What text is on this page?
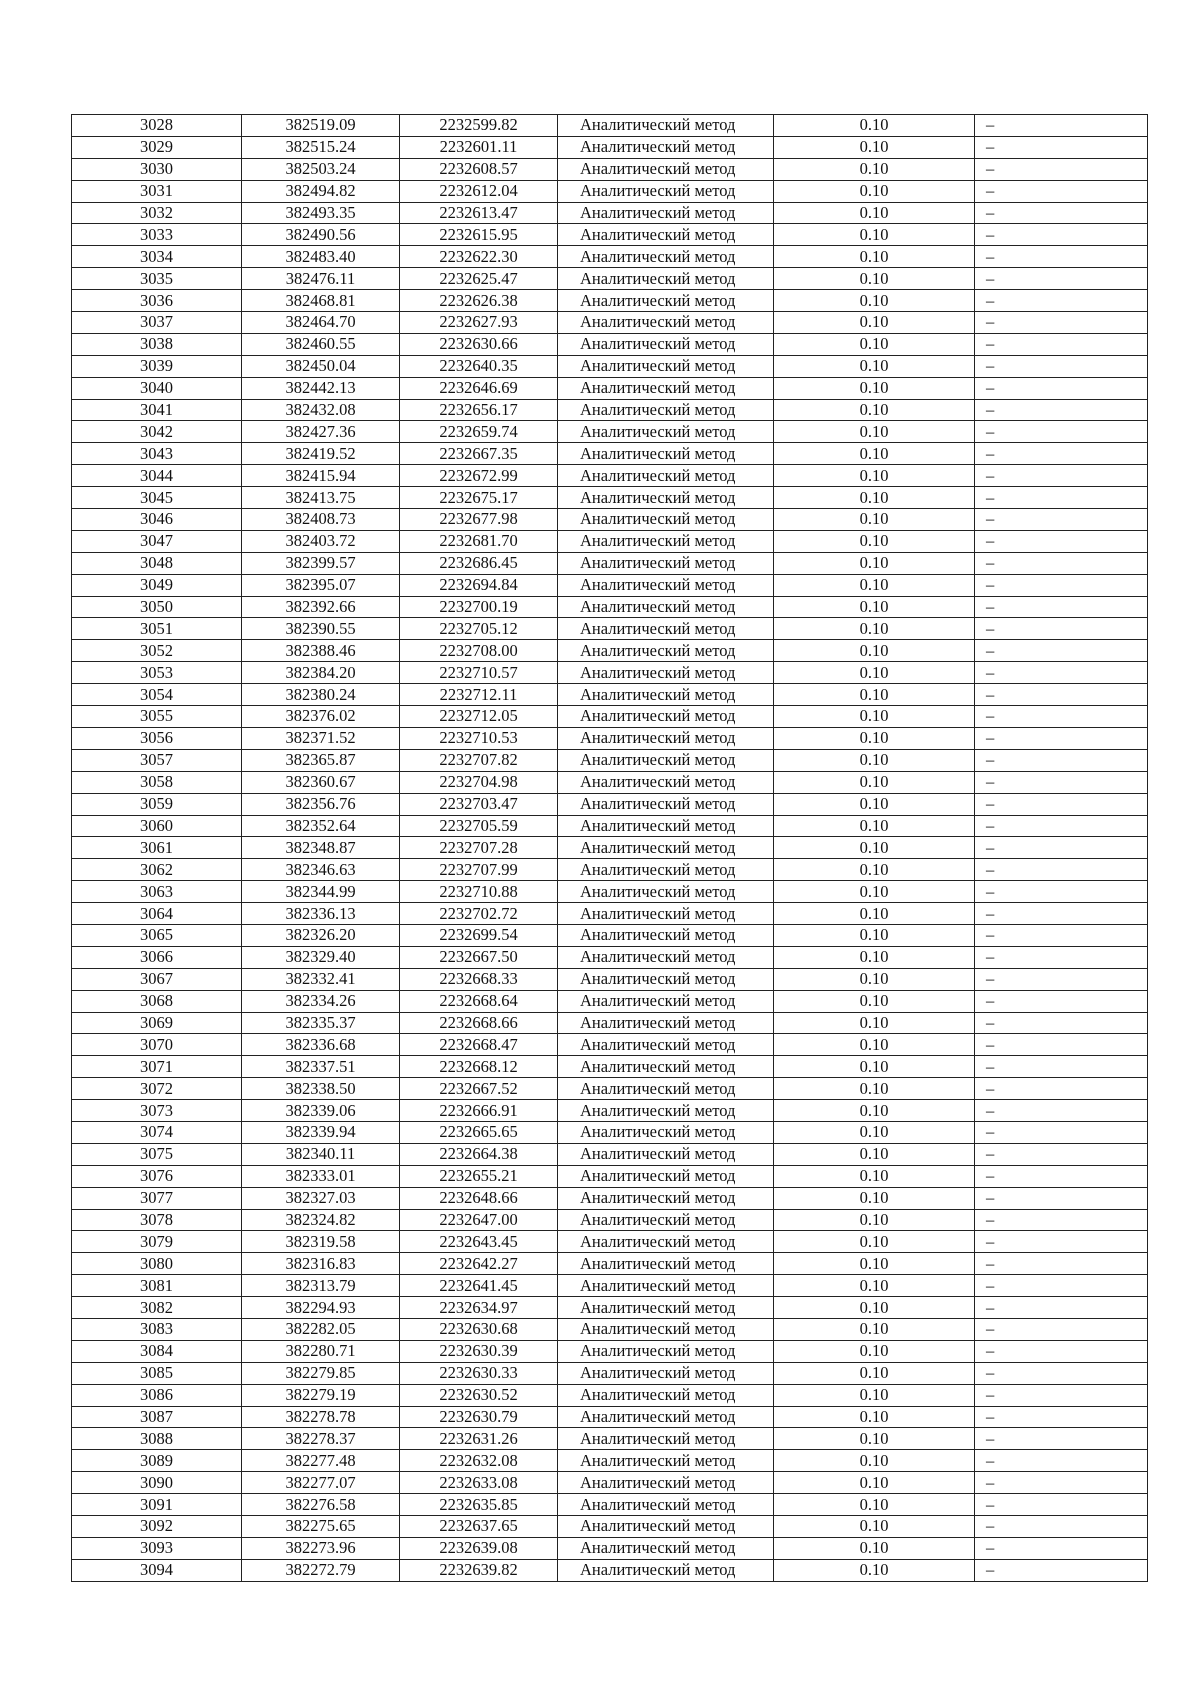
3028	382519.09	2232599.82	Аналитический метод	0.10	–
3029	382515.24	2232601.11	Аналитический метод	0.10	–
3030	382503.24	2232608.57	Аналитический метод	0.10	–
3031	382494.82	2232612.04	Аналитический метод	0.10	–
3032	382493.35	2232613.47	Аналитический метод	0.10	–
3033	382490.56	2232615.95	Аналитический метод	0.10	–
3034	382483.40	2232622.30	Аналитический метод	0.10	–
3035	382476.11	2232625.47	Аналитический метод	0.10	–
3036	382468.81	2232626.38	Аналитический метод	0.10	–
3037	382464.70	2232627.93	Аналитический метод	0.10	–
3038	382460.55	2232630.66	Аналитический метод	0.10	–
3039	382450.04	2232640.35	Аналитический метод	0.10	–
3040	382442.13	2232646.69	Аналитический метод	0.10	–
3041	382432.08	2232656.17	Аналитический метод	0.10	–
3042	382427.36	2232659.74	Аналитический метод	0.10	–
3043	382419.52	2232667.35	Аналитический метод	0.10	–
3044	382415.94	2232672.99	Аналитический метод	0.10	–
3045	382413.75	2232675.17	Аналитический метод	0.10	–
3046	382408.73	2232677.98	Аналитический метод	0.10	–
3047	382403.72	2232681.70	Аналитический метод	0.10	–
3048	382399.57	2232686.45	Аналитический метод	0.10	–
3049	382395.07	2232694.84	Аналитический метод	0.10	–
3050	382392.66	2232700.19	Аналитический метод	0.10	–
3051	382390.55	2232705.12	Аналитический метод	0.10	–
3052	382388.46	2232708.00	Аналитический метод	0.10	–
3053	382384.20	2232710.57	Аналитический метод	0.10	–
3054	382380.24	2232712.11	Аналитический метод	0.10	–
3055	382376.02	2232712.05	Аналитический метод	0.10	–
3056	382371.52	2232710.53	Аналитический метод	0.10	–
3057	382365.87	2232707.82	Аналитический метод	0.10	–
3058	382360.67	2232704.98	Аналитический метод	0.10	–
3059	382356.76	2232703.47	Аналитический метод	0.10	–
3060	382352.64	2232705.59	Аналитический метод	0.10	–
3061	382348.87	2232707.28	Аналитический метод	0.10	–
3062	382346.63	2232707.99	Аналитический метод	0.10	–
3063	382344.99	2232710.88	Аналитический метод	0.10	–
3064	382336.13	2232702.72	Аналитический метод	0.10	–
3065	382326.20	2232699.54	Аналитический метод	0.10	–
3066	382329.40	2232667.50	Аналитический метод	0.10	–
3067	382332.41	2232668.33	Аналитический метод	0.10	–
3068	382334.26	2232668.64	Аналитический метод	0.10	–
3069	382335.37	2232668.66	Аналитический метод	0.10	–
3070	382336.68	2232668.47	Аналитический метод	0.10	–
3071	382337.51	2232668.12	Аналитический метод	0.10	–
3072	382338.50	2232667.52	Аналитический метод	0.10	–
3073	382339.06	2232666.91	Аналитический метод	0.10	–
3074	382339.94	2232665.65	Аналитический метод	0.10	–
3075	382340.11	2232664.38	Аналитический метод	0.10	–
3076	382333.01	2232655.21	Аналитический метод	0.10	–
3077	382327.03	2232648.66	Аналитический метод	0.10	–
3078	382324.82	2232647.00	Аналитический метод	0.10	–
3079	382319.58	2232643.45	Аналитический метод	0.10	–
3080	382316.83	2232642.27	Аналитический метод	0.10	–
3081	382313.79	2232641.45	Аналитический метод	0.10	–
3082	382294.93	2232634.97	Аналитический метод	0.10	–
3083	382282.05	2232630.68	Аналитический метод	0.10	–
3084	382280.71	2232630.39	Аналитический метод	0.10	–
3085	382279.85	2232630.33	Аналитический метод	0.10	–
3086	382279.19	2232630.52	Аналитический метод	0.10	–
3087	382278.78	2232630.79	Аналитический метод	0.10	–
3088	382278.37	2232631.26	Аналитический метод	0.10	–
3089	382277.48	2232632.08	Аналитический метод	0.10	–
3090	382277.07	2232633.08	Аналитический метод	0.10	–
3091	382276.58	2232635.85	Аналитический метод	0.10	–
3092	382275.65	2232637.65	Аналитический метод	0.10	–
3093	382273.96	2232639.08	Аналитический метод	0.10	–
3094	382272.79	2232639.82	Аналитический метод	0.10	–
